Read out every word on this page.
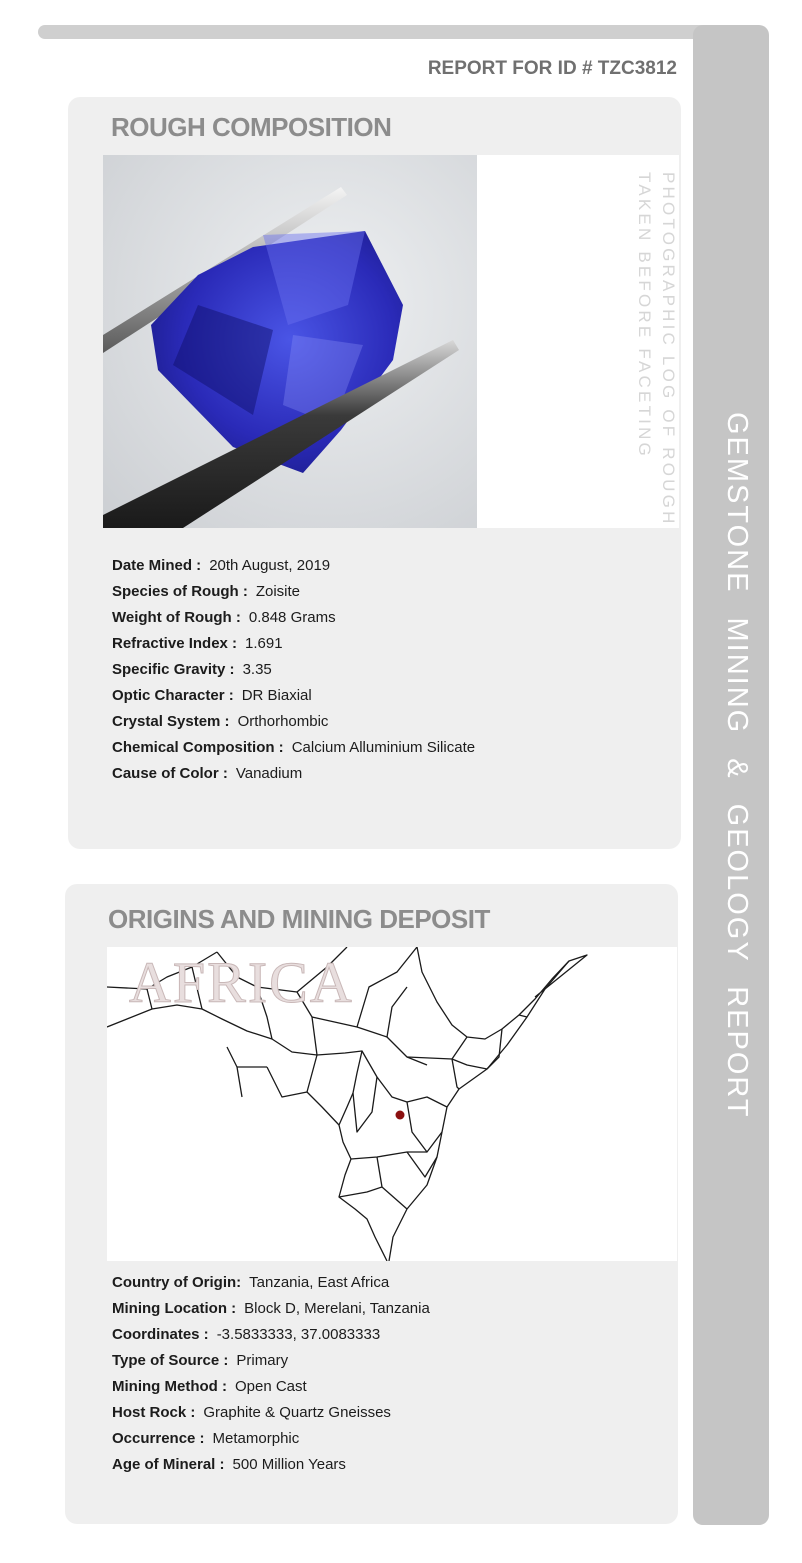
GEMSTONE MINING & GEOLOGY REPORT
REPORT FOR ID # TZC3812
ROUGH COMPOSITION
PHOTOGRAPHIC LOG OF ROUGH
TAKEN BEFORE FACETING
Date Mined : 20th August, 2019
Species of Rough : Zoisite
Weight of Rough : 0.848 Grams
Refractive Index : 1.691
Specific Gravity : 3.35
Optic Character : DR Biaxial
Crystal System : Orthorhombic
Chemical Composition : Calcium Alluminium Silicate
Cause of Color : Vanadium
ORIGINS AND MINING DEPOSIT
AFRICA
Country of Origin: Tanzania, East Africa
Mining Location : Block D, Merelani, Tanzania
Coordinates : -3.5833333, 37.0083333
Type of Source : Primary
Mining Method : Open Cast
Host Rock : Graphite & Quartz Gneisses
Occurrence : Metamorphic
Age of Mineral : 500 Million Years
